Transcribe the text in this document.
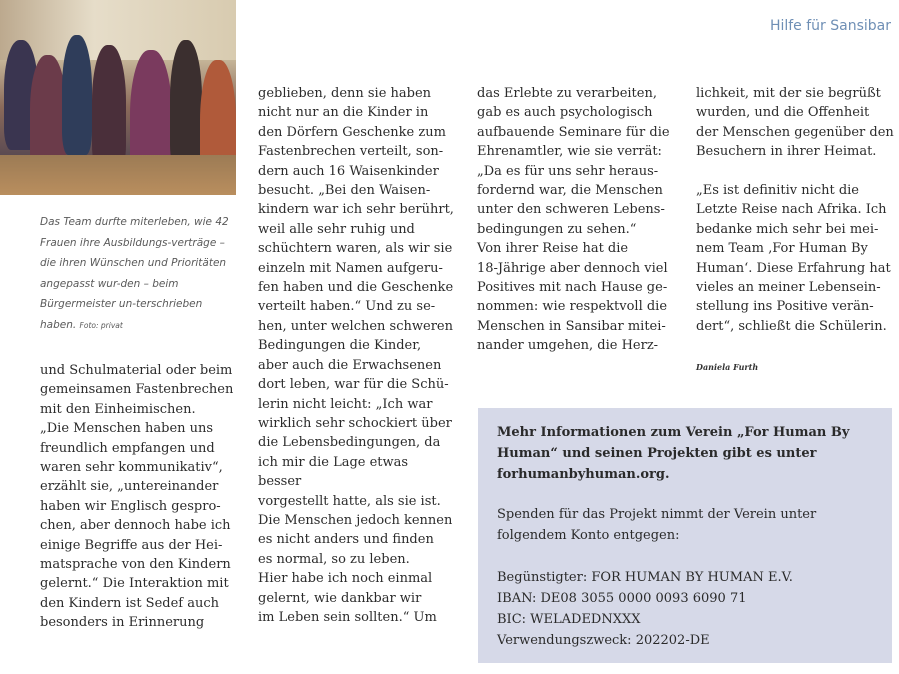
Hilfe für Sansibar

Das Team durfte miterleben, wie 42 Frauen ihre Ausbildungs-verträge – die ihren Wünschen und Prioritäten angepasst wur-den – beim Bürgermeister un-terschrieben haben. Foto: privat

und Schulmaterial oder beim
gemeinsamen Fastenbrechen
mit den Einheimischen.
„Die Menschen haben uns
freundlich empfangen und
waren sehr kommunikativ“,
erzählt sie, „untereinander
haben wir Englisch gespro-
chen, aber dennoch habe ich
einige Begriffe aus der Hei-
matsprache von den Kindern
gelernt.“ Die Interaktion mit
den Kindern ist Sedef auch
besonders in Erinnerung

geblieben, denn sie haben
nicht nur an die Kinder in
den Dörfern Geschenke zum
Fastenbrechen verteilt, son-
dern auch 16 Waisenkinder
besucht. „Bei den Waisen-
kindern war ich sehr berührt,
weil alle sehr ruhig und
schüchtern waren, als wir sie
einzeln mit Namen aufgeru-
fen haben und die Geschenke
verteilt haben.“ Und zu se-
hen, unter welchen schweren
Bedingungen die Kinder,
aber auch die Erwachsenen
dort leben, war für die Schü-
lerin nicht leicht: „Ich war
wirklich sehr schockiert über
die Lebensbedingungen, da
ich mir die Lage etwas besser
vorgestellt hatte, als sie ist.
Die Menschen jedoch kennen
es nicht anders und finden
es normal, so zu leben.
Hier habe ich noch einmal
gelernt, wie dankbar wir
im Leben sein sollten.“ Um

das Erlebte zu verarbeiten,
gab es auch psychologisch
aufbauende Seminare für die
Ehrenamtler, wie sie verrät:
„Da es für uns sehr heraus-
fordernd war, die Menschen
unter den schweren Lebens-
bedingungen zu sehen.“
Von ihrer Reise hat die
18-Jährige aber dennoch viel
Positives mit nach Hause ge-
nommen: wie respektvoll die
Menschen in Sansibar mitei-
nander umgehen, die Herz-

lichkeit, mit der sie begrüßt
wurden, und die Offenheit
der Menschen gegenüber den
Besuchern in ihrer Heimat.

„Es ist definitiv nicht die
Letzte Reise nach Afrika. Ich
bedanke mich sehr bei mei-
nem Team ‚For Human By
Human‘. Diese Erfahrung hat
vieles an meiner Lebensein-
stellung ins Positive verän-
dert“, schließt die Schülerin.

Daniela Furth

Mehr Informationen zum Verein „For Human By
Human“ und seinen Projekten gibt es unter
forhumanbyhuman.org.

Spenden für das Projekt nimmt der Verein unter
folgendem Konto entgegen:

Begünstigter: FOR HUMAN BY HUMAN E.V.

IBAN: DE08 3055 0000 0093 6090 71

BIC: WELADEDNXXX

Verwendungszweck: 202202-DE
